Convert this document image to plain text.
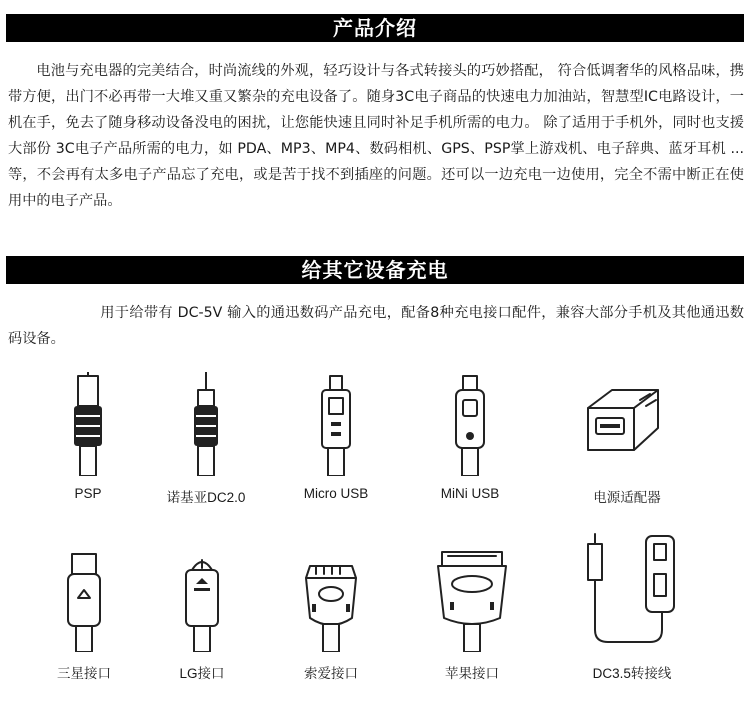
产品介绍
电池与充电器的完美结合，时尚流线的外观，轻巧设计与各式转接头的巧妙搭配， 符合低调奢华的风格品味，携带方便，出门不必再带一大堆又重又繁杂的充电设备了。随身3C电子商品的快速电力加油站，智慧型IC电路设计，一机在手，免去了随身移动设备没电的困扰，让您能快速且同时补足手机所需的电力。 除了适用于手机外，同时也支援大部份 3C电子产品所需的电力，如 PDA、MP3、MP4、数码相机、GPS、PSP掌上游戏机、电子辞典、蓝牙耳机 ... 等，不会再有太多电子产品忘了充电，或是苦于找不到插座的问题。还可以一边充电一边使用，完全不需中断正在使用中的电子产品。
给其它设备充电
用于给带有 DC-5V 输入的通迅数码产品充电，配备8种充电接口配件，兼容大部分手机及其他通迅数码设备。
PSP	诺基亚DC2.0	Micro USB	MiNi USB	电源适配器
三星接口	LG接口	索爱接口	苹果接口	DC3.5转接线
